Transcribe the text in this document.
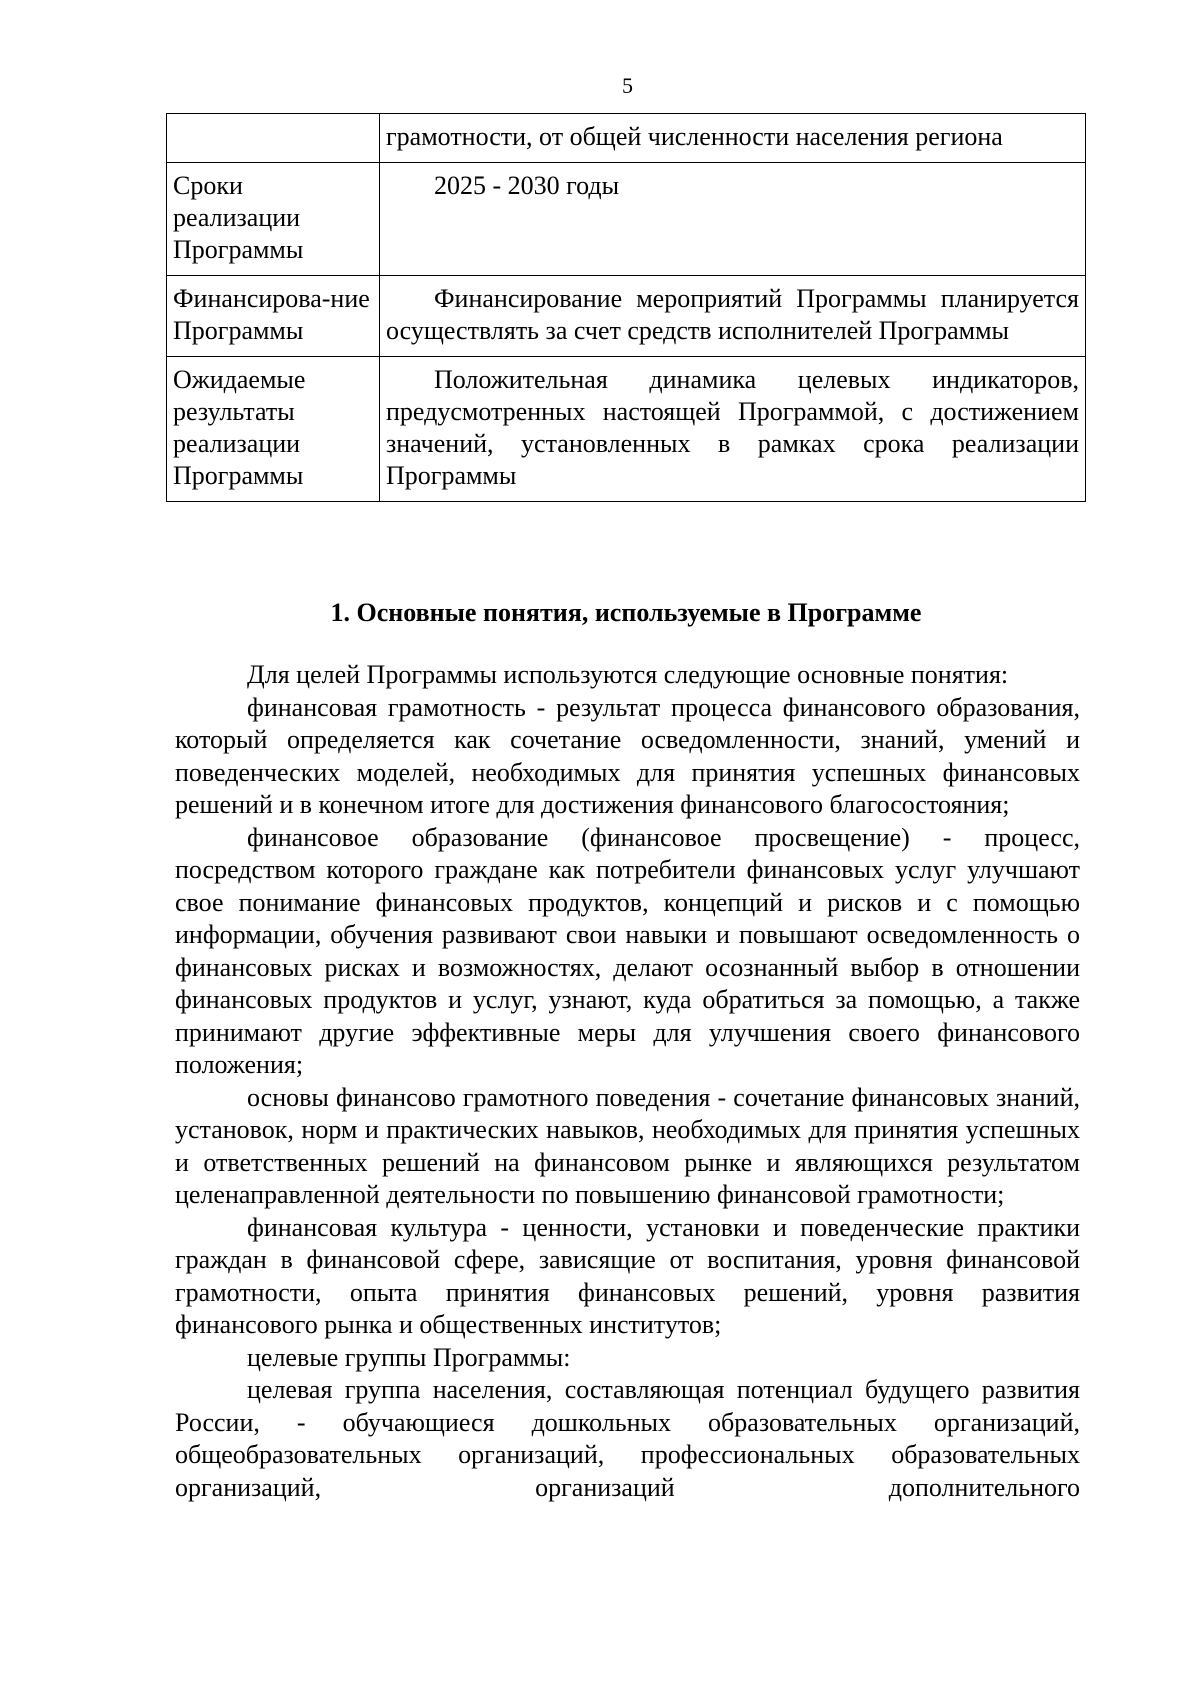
5
	грамотности, от общей численности населения региона
Сроки реализации Программы	2025 - 2030 годы
Финансирова-ние Программы	Финансирование мероприятий Программы планируется осуществлять за счет средств исполнителей Программы
Ожидаемые результаты реализации Программы	Положительная динамика целевых индикаторов, предусмотренных настоящей Программой, с достижением значений, установленных в рамках срока реализации Программы
1. Основные понятия, используемые в Программе

Для целей Программы используются следующие основные понятия:

финансовая грамотность - результат процесса финансового образования, который определяется как сочетание осведомленности, знаний, умений и поведенческих моделей, необходимых для принятия успешных финансовых решений и в конечном итоге для достижения финансового благосостояния;

финансовое образование (финансовое просвещение) - процесс, посредством которого граждане как потребители финансовых услуг улучшают свое понимание финансовых продуктов, концепций и рисков и с помощью информации, обучения развивают свои навыки и повышают осведомленность о финансовых рисках и возможностях, делают осознанный выбор в отношении финансовых продуктов и услуг, узнают, куда обратиться за помощью, а также принимают другие эффективные меры для улучшения своего финансового положения;

основы финансово грамотного поведения - сочетание финансовых знаний, установок, норм и практических навыков, необходимых для принятия успешных и ответственных решений на финансовом рынке и являющихся результатом целенаправленной деятельности по повышению финансовой грамотности;

финансовая культура - ценности, установки и поведенческие практики граждан в финансовой сфере, зависящие от воспитания, уровня финансовой грамотности, опыта принятия финансовых решений, уровня развития финансового рынка и общественных институтов;

целевые группы Программы:

целевая группа населения, составляющая потенциал будущего развития России, - обучающиеся дошкольных образовательных организаций, общеобразовательных организаций, профессиональных образовательных организаций, организаций дополнительного
